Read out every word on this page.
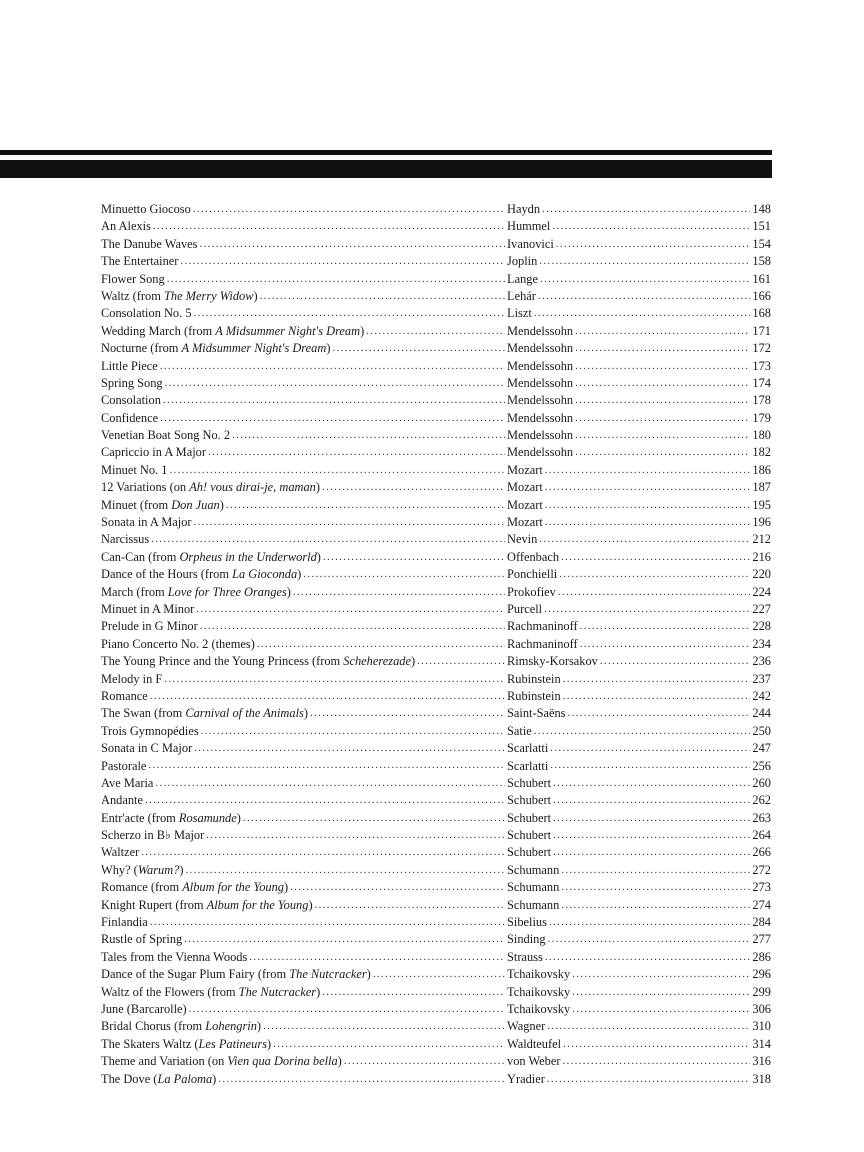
Minuetto Giocoso .....	Haydn .....	148
An Alexis .....	Hummel .....	151
The Danube Waves .....	Ivanovici .....	154
The Entertainer .....	Joplin .....	158
Flower Song .....	Lange .....	161
Waltz (from The Merry Widow) .....	Lehár .....	166
Consolation No. 5 .....	Liszt .....	168
Wedding March (from A Midsummer Night's Dream) .....	Mendelssohn .....	171
Nocturne (from A Midsummer Night's Dream) .....	Mendelssohn .....	172
Little Piece .....	Mendelssohn .....	173
Spring Song .....	Mendelssohn .....	174
Consolation .....	Mendelssohn .....	178
Confidence .....	Mendelssohn .....	179
Venetian Boat Song No. 2 .....	Mendelssohn .....	180
Capriccio in A Major .....	Mendelssohn .....	182
Minuet No. 1 .....	Mozart .....	186
12 Variations (on Ah! vous dirai-je, maman) .....	Mozart .....	187
Minuet (from Don Juan) .....	Mozart .....	195
Sonata in A Major .....	Mozart .....	196
Narcissus .....	Nevin .....	212
Can-Can (from Orpheus in the Underworld) .....	Offenbach .....	216
Dance of the Hours (from La Gioconda) .....	Ponchielli .....	220
March (from Love for Three Oranges) .....	Prokofiev .....	224
Minuet in A Minor .....	Purcell .....	227
Prelude in G Minor .....	Rachmaninoff .....	228
Piano Concerto No. 2 (themes) .....	Rachmaninoff .....	234
The Young Prince and the Young Princess (from Scheherezade) .....	Rimsky-Korsakov .....	236
Melody in F .....	Rubinstein .....	237
Romance .....	Rubinstein .....	242
The Swan (from Carnival of the Animals) .....	Saint-Saëns .....	244
Trois Gymnopédies .....	Satie .....	250
Sonata in C Major .....	Scarlatti .....	247
Pastorale .....	Scarlatti .....	256
Ave Maria .....	Schubert .....	260
Andante .....	Schubert .....	262
Entr'acte (from Rosamunde) .....	Schubert .....	263
Scherzo in B♭ Major .....	Schubert .....	264
Waltzer .....	Schubert .....	266
Why? (Warum?) .....	Schumann .....	272
Romance (from Album for the Young) .....	Schumann .....	273
Knight Rupert (from Album for the Young) .....	Schumann .....	274
Finlandia .....	Sibelius .....	284
Rustle of Spring .....	Sinding .....	277
Tales from the Vienna Woods .....	Strauss .....	286
Dance of the Sugar Plum Fairy (from The Nutcracker) .....	Tchaikovsky .....	296
Waltz of the Flowers (from The Nutcracker) .....	Tchaikovsky .....	299
June (Barcarolle) .....	Tchaikovsky .....	306
Bridal Chorus (from Lohengrin) .....	Wagner .....	310
The Skaters Waltz (Les Patineurs) .....	Waldteufel .....	314
Theme and Variation (on Vien qua Dorina bella) .....	von Weber .....	316
The Dove (La Paloma) .....	Yradier .....	318
